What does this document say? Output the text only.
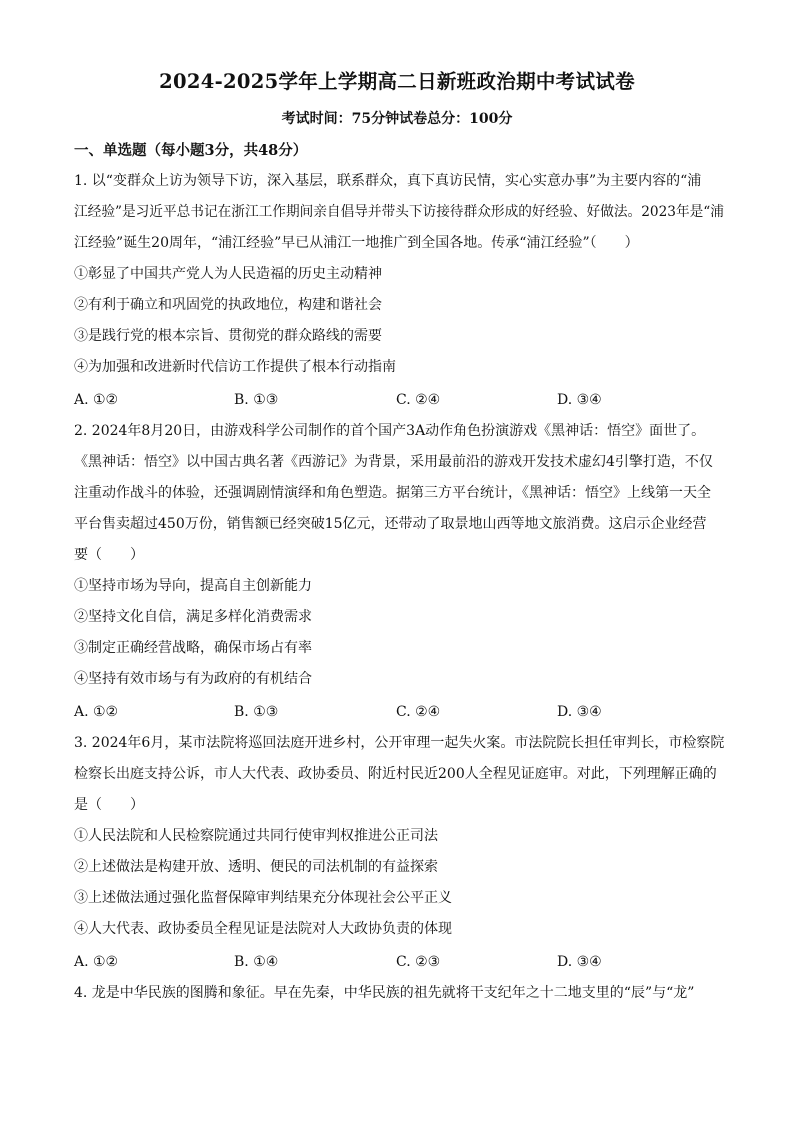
2024-2025学年上学期高二日新班政治期中考试试卷
考试时间：75分钟试卷总分：100分
一、单选题（每小题3分，共48分）
1. 以“变群众上访为领导下访，深入基层，联系群众，真下真访民情，实心实意办事”为主要内容的“浦
江经验”是习近平总书记在浙江工作期间亲自倡导并带头下访接待群众形成的好经验、好做法。2023年是“浦
江经验”诞生20周年，“浦江经验”早已从浦江一地推广到全国各地。传承“浦江经验”（　　）
①彰显了中国共产党人为人民造福的历史主动精神
②有利于确立和巩固党的执政地位，构建和谐社会
③是践行党的根本宗旨、贯彻党的群众路线的需要
④为加强和改进新时代信访工作提供了根本行动指南
A. ①②	B. ①③	C. ②④	D. ③④
2. 2024年8月20日，由游戏科学公司制作的首个国产3A动作角色扮演游戏《黑神话：悟空》面世了。
《黑神话：悟空》以中国古典名著《西游记》为背景，采用最前沿的游戏开发技术虚幻4引擎打造，不仅
注重动作战斗的体验，还强调剧情演绎和角色塑造。据第三方平台统计，《黑神话：悟空》上线第一天全
平台售卖超过450万份，销售额已经突破15亿元，还带动了取景地山西等地文旅消费。这启示企业经营
要（　　）
①坚持市场为导向，提高自主创新能力
②坚持文化自信，满足多样化消费需求
③制定正确经营战略，确保市场占有率
④坚持有效市场与有为政府的有机结合
A. ①②	B. ①③	C. ②④	D. ③④
3. 2024年6月，某市法院将巡回法庭开进乡村，公开审理一起失火案。市法院院长担任审判长，市检察院
检察长出庭支持公诉，市人大代表、政协委员、附近村民近200人全程见证庭审。对此，下列理解正确的
是（　　）
①人民法院和人民检察院通过共同行使审判权推进公正司法
②上述做法是构建开放、透明、便民的司法机制的有益探索
③上述做法通过强化监督保障审判结果充分体现社会公平正义
④人大代表、政协委员全程见证是法院对人大政协负责的体现
A. ①②	B. ①④	C. ②③	D. ③④
4. 龙是中华民族的图腾和象征。早在先秦，中华民族的祖先就将干支纪年之十二地支里的“辰”与“龙”
